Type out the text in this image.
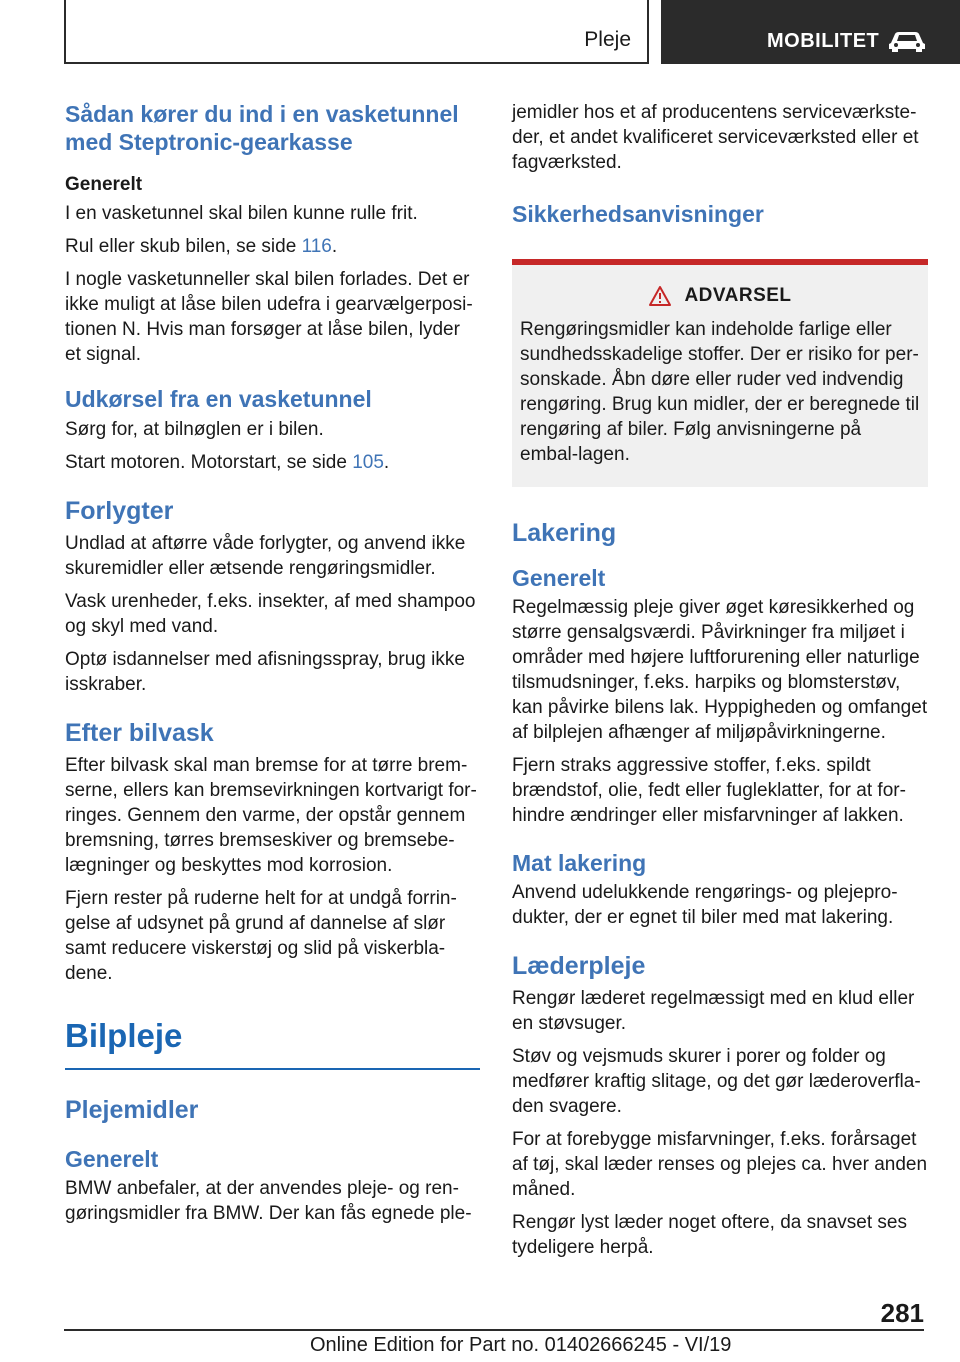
Pleje	MOBILITET
Sådan kører du ind i en vasketunnel med Steptronic-gearkasse
Generelt

I en vasketunnel skal bilen kunne rulle frit.

Rul eller skub bilen, se side 116.

I nogle vasketunneller skal bilen forlades. Det er ikke muligt at låse bilen udefra i gearvælgerposi-tionen N. Hvis man forsøger at låse bilen, lyder et signal.

Udkørsel fra en vasketunnel

Sørg for, at bilnøglen er i bilen.

Start motoren. Motorstart, se side 105.

Forlygter

Undlad at aftørre våde forlygter, og anvend ikke skuremidler eller ætsende rengøringsmidler.

Vask urenheder, f.eks. insekter, af med shampoo og skyl med vand.

Optø isdannelser med afisningsspray, brug ikke isskraber.

Efter bilvask

Efter bilvask skal man bremse for at tørre brem-serne, ellers kan bremsevirkningen kortvarigt for-ringes. Gennem den varme, der opstår gennem bremsning, tørres bremseskiver og bremsebe-lægninger og beskyttes mod korrosion.

Fjern rester på ruderne helt for at undgå forrin-gelse af udsynet på grund af dannelse af slør samt reducere viskerstøj og slid på viskerbla-dene.

Bilpleje
Plejemidler
Generelt

BMW anbefaler, at der anvendes pleje- og ren-gøringsmidler fra BMW. Der kan fås egnede ple-

jemidler hos et af producentens serviceværkste-der, et andet kvalificeret serviceværksted eller et fagværksted.

Sikkerhedsanvisninger
ADVARSEL

Rengøringsmidler kan indeholde farlige eller sundhedsskadelige stoffer. Der er risiko for per-sonskade. Åbn døre eller ruder ved indvendig rengøring. Brug kun midler, der er beregnede til rengøring af biler. Følg anvisningerne på embal-lagen.

Lakering
Generelt

Regelmæssig pleje giver øget køresikkerhed og større gensalgsværdi. Påvirkninger fra miljøet i områder med højere luftforurening eller naturlige tilsmudsninger, f.eks. harpiks og blomsterstøv, kan påvirke bilens lak. Hyppigheden og omfanget af bilplejen afhænger af miljøpåvirkningerne.

Fjern straks aggressive stoffer, f.eks. spildt brændstof, olie, fedt eller fugleklatter, for at for-hindre ændringer eller misfarvninger af lakken.

Mat lakering

Anvend udelukkende rengørings- og plejepro-dukter, der er egnet til biler med mat lakering.

Læderpleje

Rengør læderet regelmæssigt med en klud eller en støvsuger.

Støv og vejsmuds skurer i porer og folder og medfører kraftig slitage, og det gør læderoverfla-den svagere.

For at forebygge misfarvninger, f.eks. forårsaget af tøj, skal læder renses og plejes ca. hver anden måned.

Rengør lyst læder noget oftere, da snavset ses tydeligere herpå.

281
Online Edition for Part no. 01402666245 - VI/19
